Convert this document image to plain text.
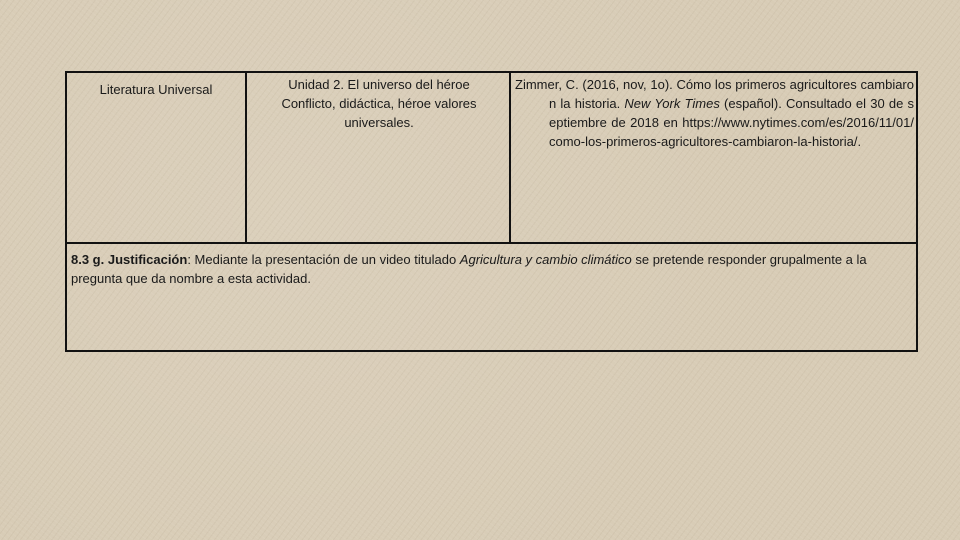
Literatura Universal	Unidad 2. El universo del héroe Conflicto, didáctica, héroe valores universales.
Zimmer, C. (2016, nov, 1o). Cómo los primeros agricultores cambiaron la historia. New York Times (español). Consultado el 30 de septiembre de 2018 en https://www.nytimes.com/es/2016/11/01/como-los-primeros-agricultores-cambiaron-la-historia/.
8.3 g. Justificación: Mediante la presentación de un video titulado Agricultura y cambio climático se pretende responder grupalmente a la pregunta que da nombre a esta actividad.
